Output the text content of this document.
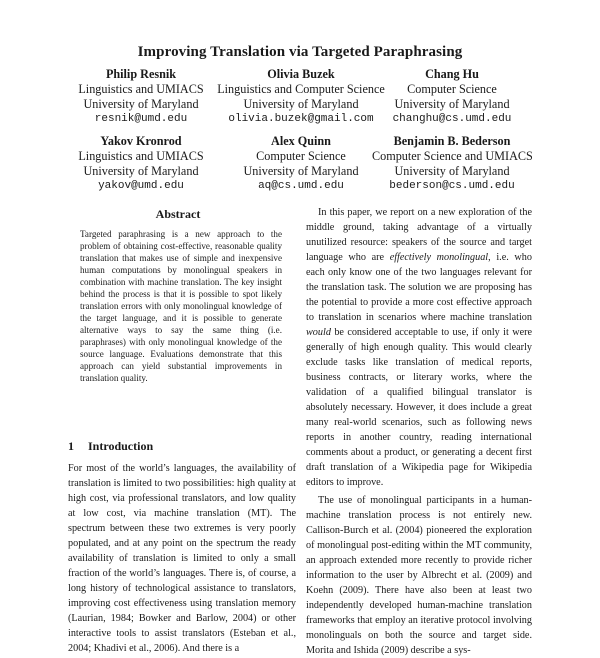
Improving Translation via Targeted Paraphrasing
Philip Resnik
Linguistics and UMIACS
University of Maryland
resnik@umd.edu
Olivia Buzek
Linguistics and Computer Science
University of Maryland
olivia.buzek@gmail.com
Chang Hu
Computer Science
University of Maryland
changhu@cs.umd.edu
Yakov Kronrod
Linguistics and UMIACS
University of Maryland
yakov@umd.edu
Alex Quinn
Computer Science
University of Maryland
aq@cs.umd.edu
Benjamin B. Bederson
Computer Science and UMIACS
University of Maryland
bederson@cs.umd.edu
Abstract
Targeted paraphrasing is a new approach to the problem of obtaining cost-effective, reasonable quality translation that makes use of simple and inexpensive human computations by monolingual speakers in combination with machine translation. The key insight behind the process is that it is possible to spot likely translation errors with only monolingual knowledge of the target language, and it is possible to generate alternative ways to say the same thing (i.e. paraphrases) with only monolingual knowledge of the source language. Evaluations demonstrate that this approach can yield substantial improvements in translation quality.
1 Introduction

For most of the world’s languages, the availability of translation is limited to two possibilities: high quality at high cost, via professional translators, and low quality at low cost, via machine translation (MT). The spectrum between these two extremes is very poorly populated, and at any point on the spectrum the ready availability of translation is limited to only a small fraction of the world’s languages. There is, of course, a long history of technological assistance to translators, improving cost effectiveness using translation memory (Laurian, 1984; Bowker and Barlow, 2004) or other interactive tools to assist translators (Esteban et al., 2004; Khadivi et al., 2006). And there is a

In this paper, we report on a new exploration of the middle ground, taking advantage of a virtually unutilized resource: speakers of the source and target language who are effectively monolingual, i.e. who each only know one of the two languages relevant for the translation task. The solution we are proposing has the potential to provide a more cost effective approach to translation in scenarios where machine translation would be considered acceptable to use, if only it were generally of high enough quality. This would clearly exclude tasks like translation of medical reports, business contracts, or literary works, where the validation of a qualified bilingual translator is absolutely necessary. However, it does include a great many real-world scenarios, such as following news reports in another country, reading international comments about a product, or generating a decent first draft translation of a Wikipedia page for Wikipedia editors to improve.

The use of monolingual participants in a human-machine translation process is not entirely new. Callison-Burch et al. (2004) pioneered the exploration of monolingual post-editing within the MT community, an approach extended more recently to provide richer information to the user by Albrecht et al. (2009) and Koehn (2009). There have also been at least two independently developed human-machine translation frameworks that employ an iterative protocol involving monolinguals on both the source and target side. Morita and Ishida (2009) describe a sys-
